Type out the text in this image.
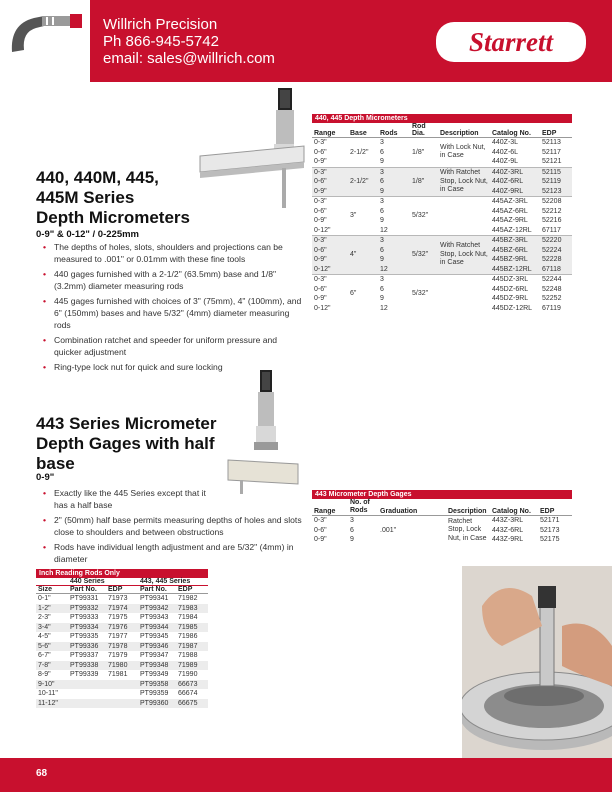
Willrich Precision
Ph 866-945-5742
email: sales@willrich.com
Starrett
440, 440M, 445,
445M Series
Depth Micrometers
0-9" & 0-12" / 0-225mm
• The depths of holes, slots, shoulders and projections can be measured to .001" or 0.01mm with these fine tools
• 440 gages furnished with a 2-1/2" (63.5mm) base and 1/8" (3.2mm) diameter measuring rods
• 445 gages furnished with choices of 3" (75mm), 4" (100mm), and 6" (150mm) bases and have 5/32" (4mm) diameter measuring rods
• Combination ratchet and speeder for uniform pressure and quicker adjustment
• Ring-type lock nut for quick and sure locking
440, 445 Depth Micrometers
Range	Base	Rods	Rod Dia.	Description	Catalog No.	EDP
0-3"	2-1/2"	3	1/8"	With Lock Nut, in Case	440Z-3L	52113
0-6"		6			440Z-6L	52117
0-9"		9			440Z-9L	52121
0-3"	2-1/2"	3	1/8"	With Ratchet Stop, Lock Nut, in Case	440Z-3RL	52115
0-6"		6			440Z-6RL	52119
0-9"		9			440Z-9RL	52123
0-3"	3"	3	5/32"		445AZ-3RL	52208
0-6"		6			445AZ-6RL	52212
0-9"		9			445AZ-9RL	52216
0-12"		12			445AZ-12RL	67117
0-3"	4"	3	5/32"	With Ratchet Stop, Lock Nut, in Case	445BZ-3RL	52220
0-6"		6			445BZ-6RL	52224
0-9"		9			445BZ-9RL	52228
0-12"		12			445BZ-12RL	67118
0-3"	6"	3	5/32"		445DZ-3RL	52244
0-6"		6			445DZ-6RL	52248
0-9"		9			445DZ-9RL	52252
0-12"		12			445DZ-12RL	67119
443 Series Micrometer
Depth Gages with half
base
0-9"
• Exactly like the 445 Series except that it has a half base
• 2" (50mm) half base permits measuring depths of holes and slots close to shoulders and between obstructions
• Rods have individual length adjustment and are 5/32" (4mm) in diameter
443 Micrometer Depth Gages
Range	No. of Rods	Graduation	Description	Catalog No.	EDP
0-3"	3	.001"	Ratchet Stop, Lock Nut, in Case	443Z-3RL	52171
0-6"	6			443Z-6RL	52173
0-9"	9			443Z-9RL	52175
Inch Reading Rods Only
	440 Series		443, 445 Series	
Size	Part No.	EDP	Part No.	EDP
0-1"	PT99331	71973	PT99341	71982
1-2"	PT99332	71974	PT99342	71983
2-3"	PT99333	71975	PT99343	71984
3-4"	PT99334	71976	PT99344	71985
4-5"	PT99335	71977	PT99345	71986
5-6"	PT99336	71978	PT99346	71987
6-7"	PT99337	71979	PT99347	71988
7-8"	PT99338	71980	PT99348	71989
8-9"	PT99339	71981	PT99349	71990
9-10"			PT99358	66673
10-11"			PT99359	66674
11-12"			PT99360	66675
68
